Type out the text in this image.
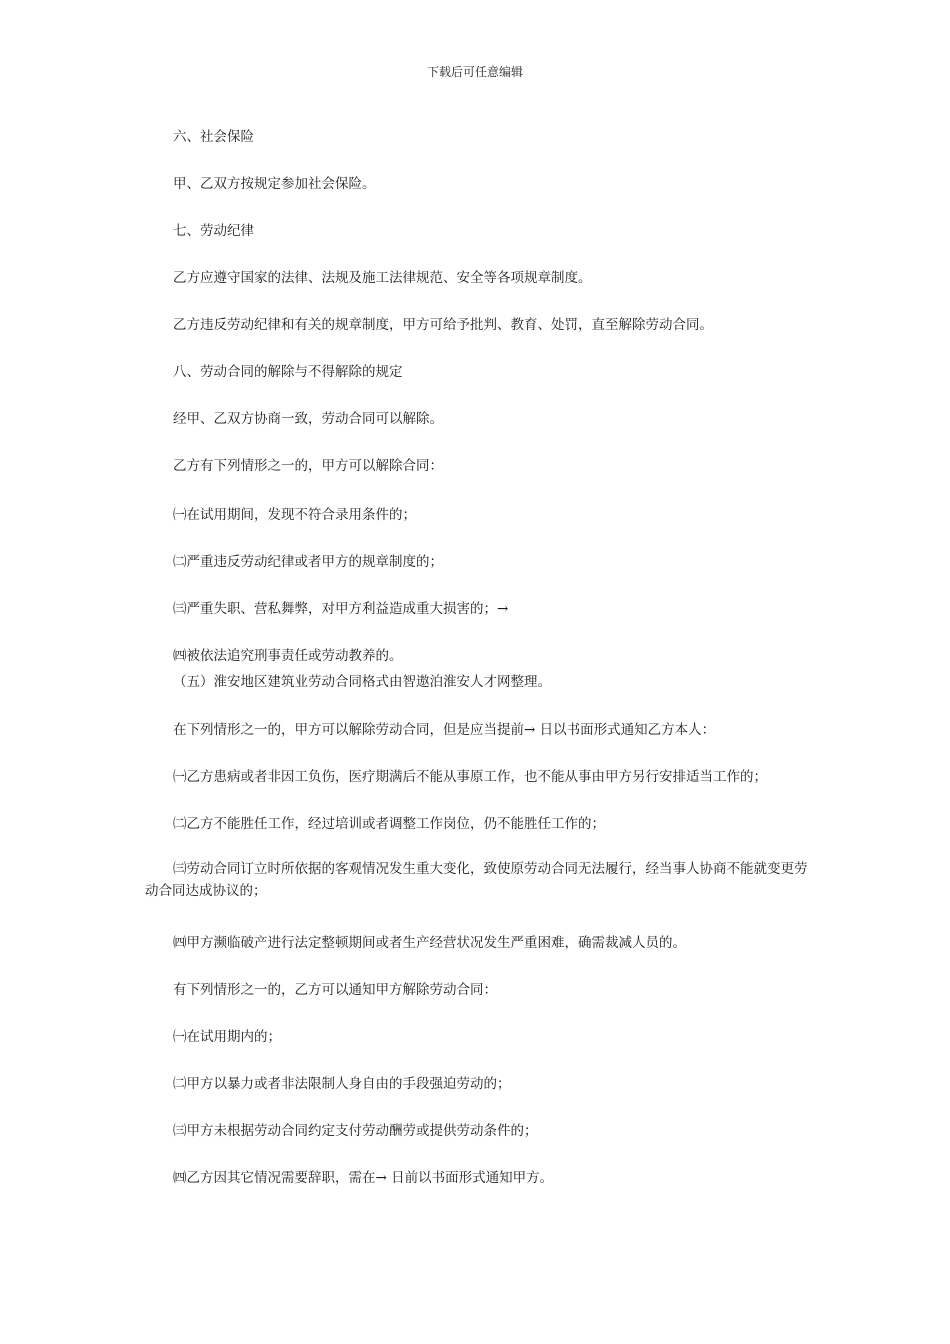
下载后可任意编辑
六、社会保险
甲、乙双方按规定参加社会保险。
七、劳动纪律
乙方应遵守国家的法律、法规及施工法律规范、安全等各项规章制度。
乙方违反劳动纪律和有关的规章制度，甲方可给予批判、教育、处罚，直至解除劳动合同。
八、劳动合同的解除与不得解除的规定
经甲、乙双方协商一致，劳动合同可以解除。
乙方有下列情形之一的，甲方可以解除合同：
㈠在试用期间，发现不符合录用条件的；
㈡严重违反劳动纪律或者甲方的规章制度的；
㈢严重失职、营私舞弊，对甲方利益造成重大损害的；→
㈣被依法追究刑事责任或劳动教养的。
（五）淮安地区建筑业劳动合同格式由智遨泊淮安人才网整理。
在下列情形之一的，甲方可以解除劳动合同，但是应当提前→ 日以书面形式通知乙方本人：
㈠乙方患病或者非因工负伤，医疗期满后不能从事原工作，也不能从事由甲方另行安排适当工作的；
㈡乙方不能胜任工作，经过培训或者调整工作岗位，仍不能胜任工作的；
㈢劳动合同订立时所依据的客观情况发生重大变化，致使原劳动合同无法履行，经当事人协商不能就变更劳动合同达成协议的；
㈣甲方濒临破产进行法定整顿期间或者生产经营状况发生严重困难，确需裁减人员的。
有下列情形之一的，乙方可以通知甲方解除劳动合同：
㈠在试用期内的；
㈡甲方以暴力或者非法限制人身自由的手段强迫劳动的；
㈢甲方未根据劳动合同约定支付劳动酬劳或提供劳动条件的；
㈣乙方因其它情况需要辞职，需在→ 日前以书面形式通知甲方。
